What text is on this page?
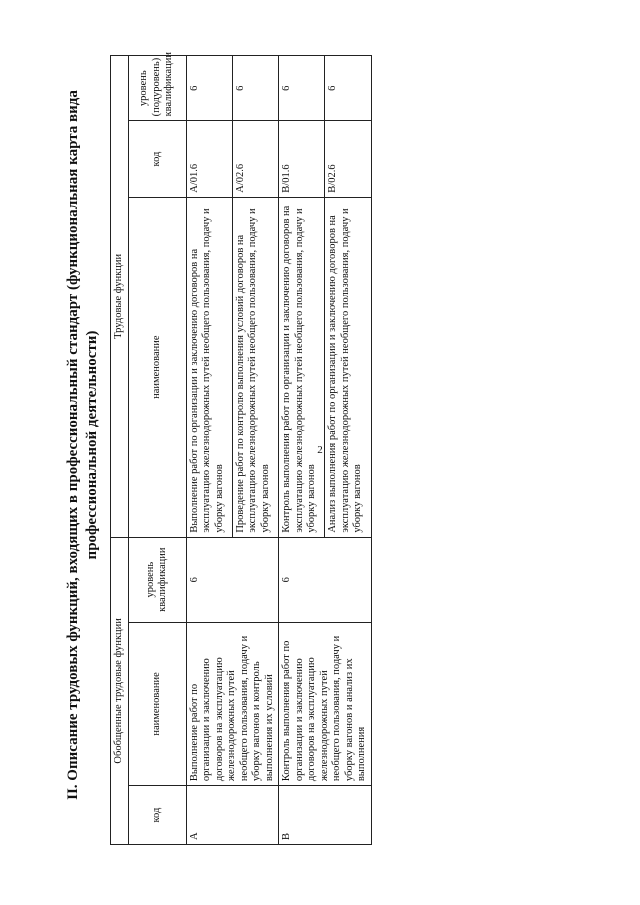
2
II. Описание трудовых функций, входящих в профессиональный стандарт (функциональная карта вида профессиональной деятельности)
Обобщенные трудовые функции			Трудовые функции		
код	наименование	уровень квалификации	наименование	код	уровень (подуровень) квалификации
А	Выполнение работ по организации и заключению договоров на эксплуатацию железнодорожных путей необщего пользования, подачу и уборку вагонов и контроль выполнения их условий	6	Выполнение работ по организации и заключению договоров на эксплуатацию железнодорожных путей необщего пользования, подачу и уборку вагонов	А/01.6	6
			Проведение работ по контролю выполнения условий договоров на эксплуатацию железнодорожных путей необщего пользования, подачу и уборку вагонов	А/02.6	6
В	Контроль выполнения работ по организации и заключению договоров на эксплуатацию железнодорожных путей необщего пользования, подачу и уборку вагонов и анализ их выполнения	6	Контроль выполнения работ по организации и заключению договоров на эксплуатацию железнодорожных путей необщего пользования, подачу и уборку вагонов	В/01.6	6
			Анализ выполнения работ по организации и заключению договоров на эксплуатацию железнодорожных путей необщего пользования, подачу и уборку вагонов	В/02.6	6
